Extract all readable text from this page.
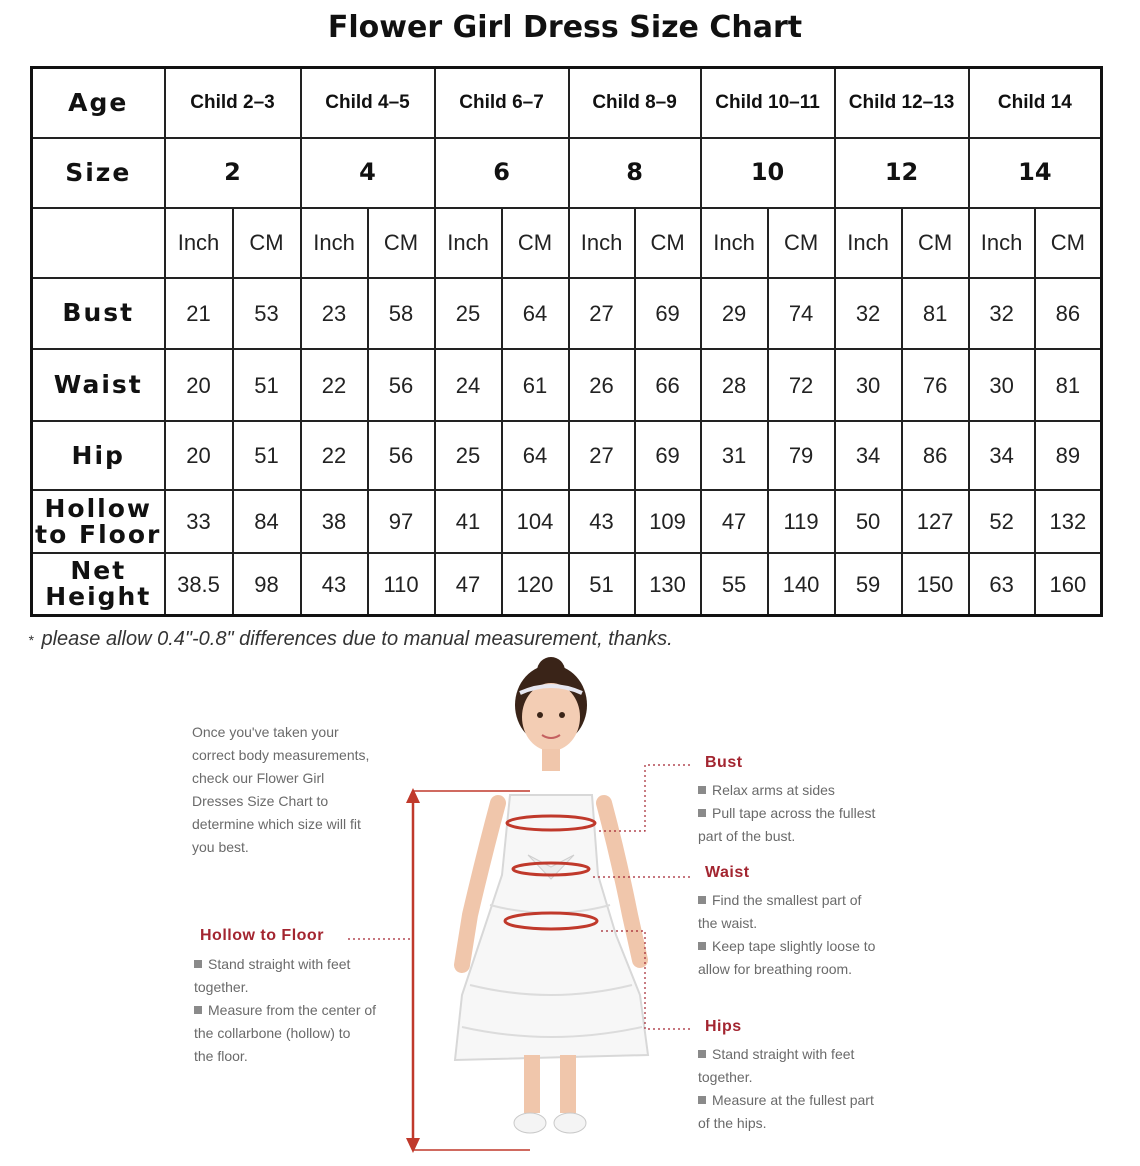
Flower Girl Dress Size Chart
Age	Child 2–3		Child 4–5		Child 6–7		Child 8–9		Child 10–11		Child 12–13		Child 14	
Size	2		4		6		8		10		12		14	
	Inch	CM	Inch	CM	Inch	CM	Inch	CM	Inch	CM	Inch	CM	Inch	CM

Bust	21	53	23	58	25	64	27	69	29	74	32	81	32	86

Waist	20	51	22	56	24	61	26	66	28	72	30	76	30	81

Hip	20	51	22	56	25	64	27	69	31	79	34	86	34	89

Hollow
to Floor	33	84	38	97	41	104	43	109	47	119	50	127	52	132

Net
Height	38.5	98	43	110	47	120	51	130	55	140	59	150	63	160
* please allow 0.4"-0.8" differences due to manual measurement, thanks.
Once you've taken your
correct body measurements,
check our Flower Girl
Dresses Size Chart to
determine which size will fit
you best.
Hollow to Floor
Stand straight with feet
together.
Measure from the center of
the collarbone (hollow) to
the floor.
Bust
Relax arms at sides
Pull tape across the fullest
part of the bust.
Waist
Find the smallest part of
the waist.
Keep tape slightly loose to
allow for breathing room.
Hips
Stand straight with feet
together.
Measure at the fullest part
of the hips.
